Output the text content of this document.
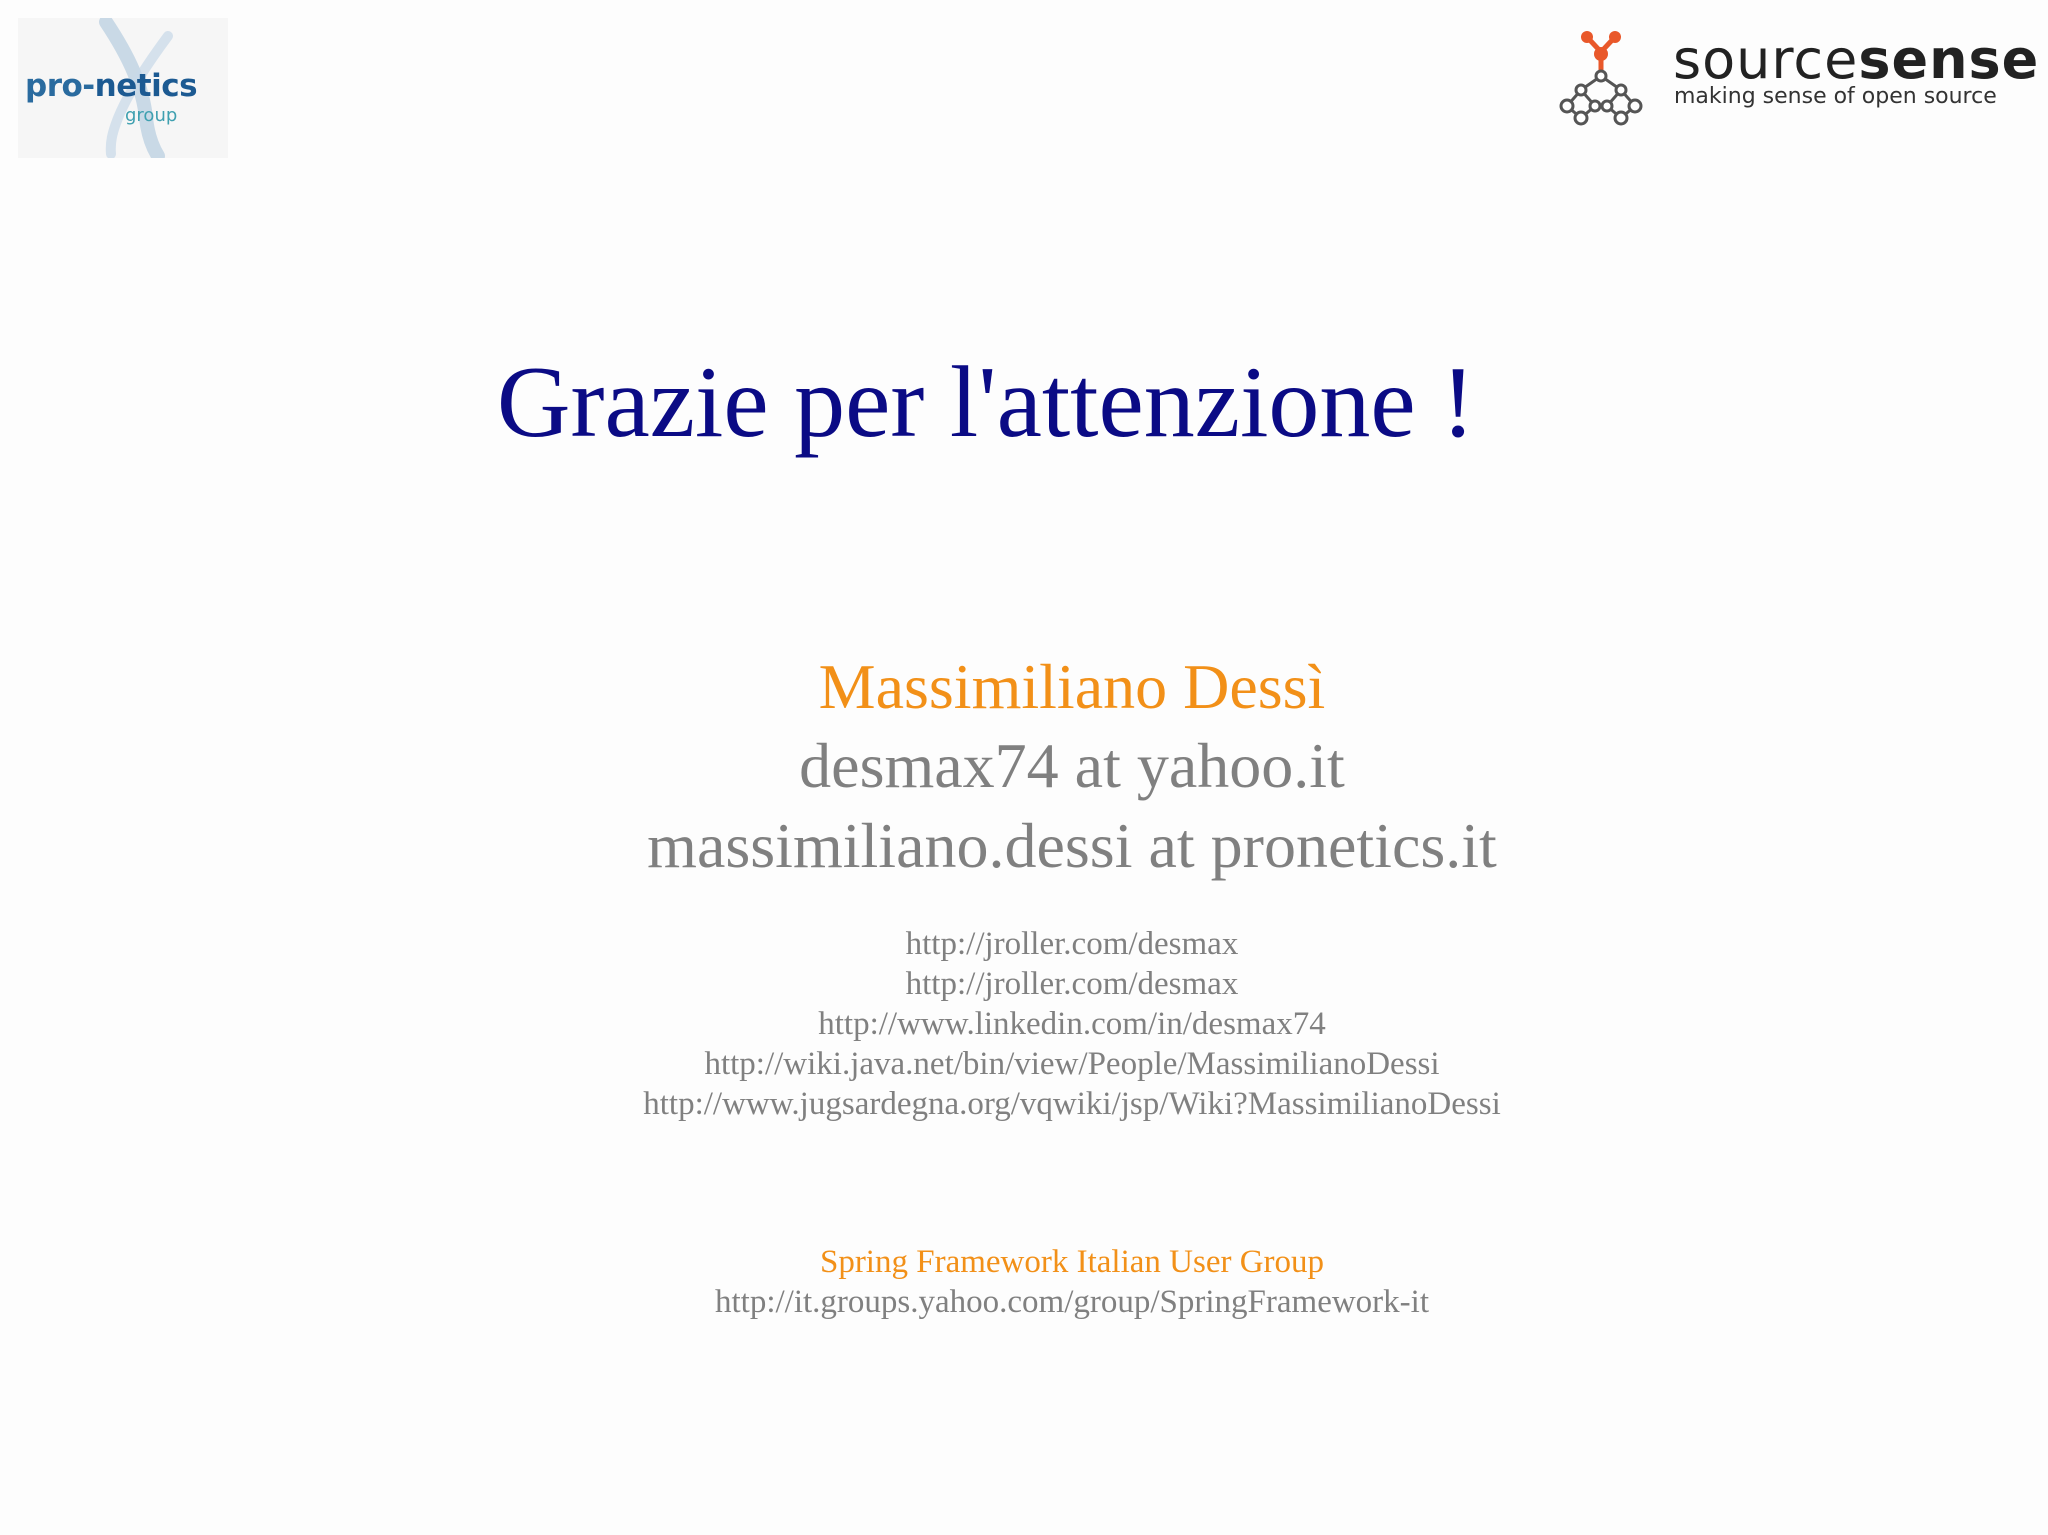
pro-netics
group
sourcesense
making sense of open source
Grazie per l'attenzione !
Massimiliano Dessì
desmax74 at yahoo.it
massimiliano.dessi at pronetics.it
http://jroller.com/desmax
http://jroller.com/desmax
http://www.linkedin.com/in/desmax74
http://wiki.java.net/bin/view/People/MassimilianoDessi
http://www.jugsardegna.org/vqwiki/jsp/Wiki?MassimilianoDessi
Spring Framework Italian User Group
http://it.groups.yahoo.com/group/SpringFramework-it
